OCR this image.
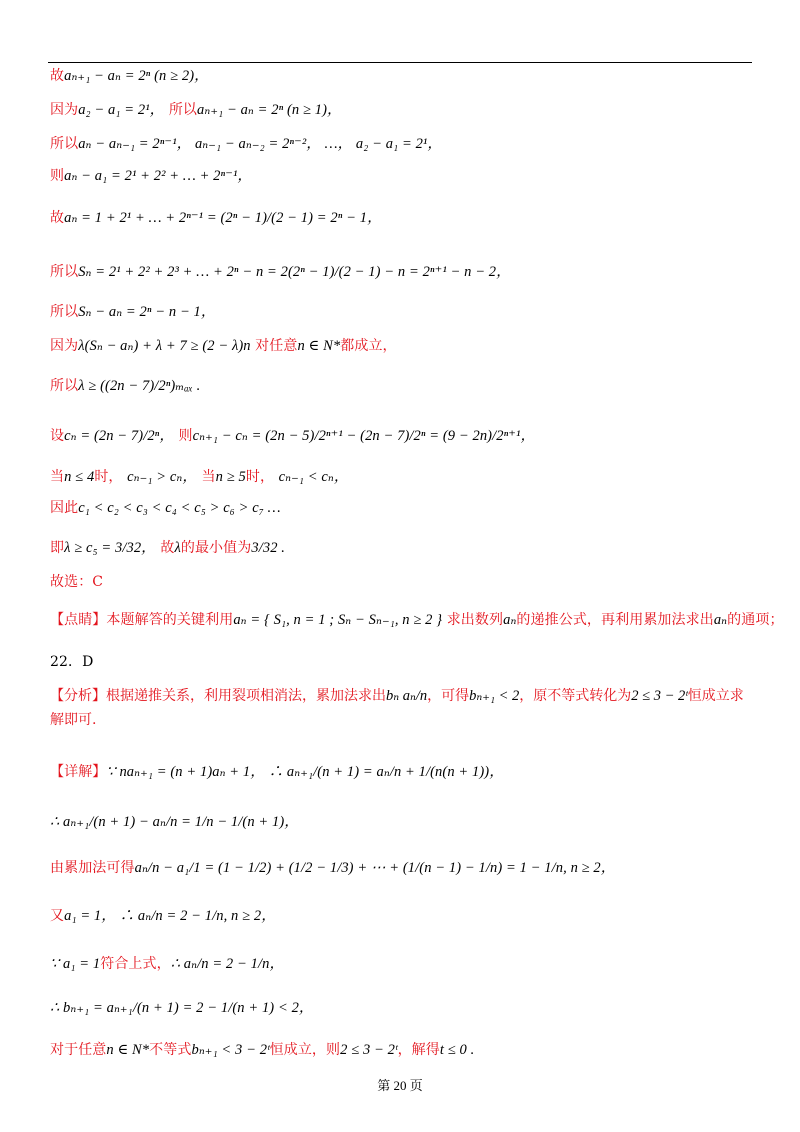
故aₙ₊₁ − aₙ = 2ⁿ (n ≥ 2)，
因为a₂ − a₁ = 2¹， 所以aₙ₊₁ − aₙ = 2ⁿ (n ≥ 1)，
所以aₙ − aₙ₋₁ = 2ⁿ⁻¹， aₙ₋₁ − aₙ₋₂ = 2ⁿ⁻²， …， a₂ − a₁ = 2¹，
则aₙ − a₁ = 2¹ + 2² + … + 2ⁿ⁻¹，
故aₙ = 1 + 2¹ + … + 2ⁿ⁻¹ = (2ⁿ − 1)/(2 − 1) = 2ⁿ − 1，
所以Sₙ = 2¹ + 2² + 2³ + … + 2ⁿ − n = 2(2ⁿ − 1)/(2 − 1) − n = 2ⁿ⁺¹ − n − 2，
所以Sₙ − aₙ = 2ⁿ − n − 1，
因为λ(Sₙ − aₙ) + λ + 7 ≥ (2 − λ)n 对任意n ∈ N*都成立，
所以λ ≥ ((2n − 7)/2ⁿ)ₘₐₓ .
设cₙ = (2n − 7)/2ⁿ， 则cₙ₊₁ − cₙ = (2n − 5)/2ⁿ⁺¹ − (2n − 7)/2ⁿ = (9 − 2n)/2ⁿ⁺¹，
当n ≤ 4时， cₙ₋₁ > cₙ， 当n ≥ 5时， cₙ₋₁ < cₙ，
因此c₁ < c₂ < c₃ < c₄ < c₅ > c₆ > c₇ …
即λ ≥ c₅ = 3/32， 故λ的最小值为3/32 .
故选：C
【点睛】本题解答的关键利用aₙ = { S₁, n = 1 ; Sₙ − Sₙ₋₁, n ≥ 2 } 求出数列aₙ的递推公式，再利用累加法求出aₙ的通项；
22．D
【分析】根据递推关系，利用裂项相消法，累加法求出bₙ aₙ/n，可得bₙ₊₁ < 2，原不等式转化为2 ≤ 3 − 2ᵗ恒成立求解即可.
【详解】∵ naₙ₊₁ = (n + 1)aₙ + 1， ∴ aₙ₊₁/(n + 1) = aₙ/n + 1/(n(n + 1))，
∴ aₙ₊₁/(n + 1) − aₙ/n = 1/n − 1/(n + 1)，
由累加法可得aₙ/n − a₁/1 = (1 − 1/2) + (1/2 − 1/3) + ⋯ + (1/(n − 1) − 1/n) = 1 − 1/n, n ≥ 2，
又a₁ = 1， ∴ aₙ/n = 2 − 1/n, n ≥ 2，
∵ a₁ = 1符合上式，∴ aₙ/n = 2 − 1/n，
∴ bₙ₊₁ = aₙ₊₁/(n + 1) = 2 − 1/(n + 1) < 2，
对于任意n ∈ N*不等式bₙ₊₁ < 3 − 2ᵗ恒成立，则2 ≤ 3 − 2ᵗ，解得t ≤ 0 .
第 20 页
